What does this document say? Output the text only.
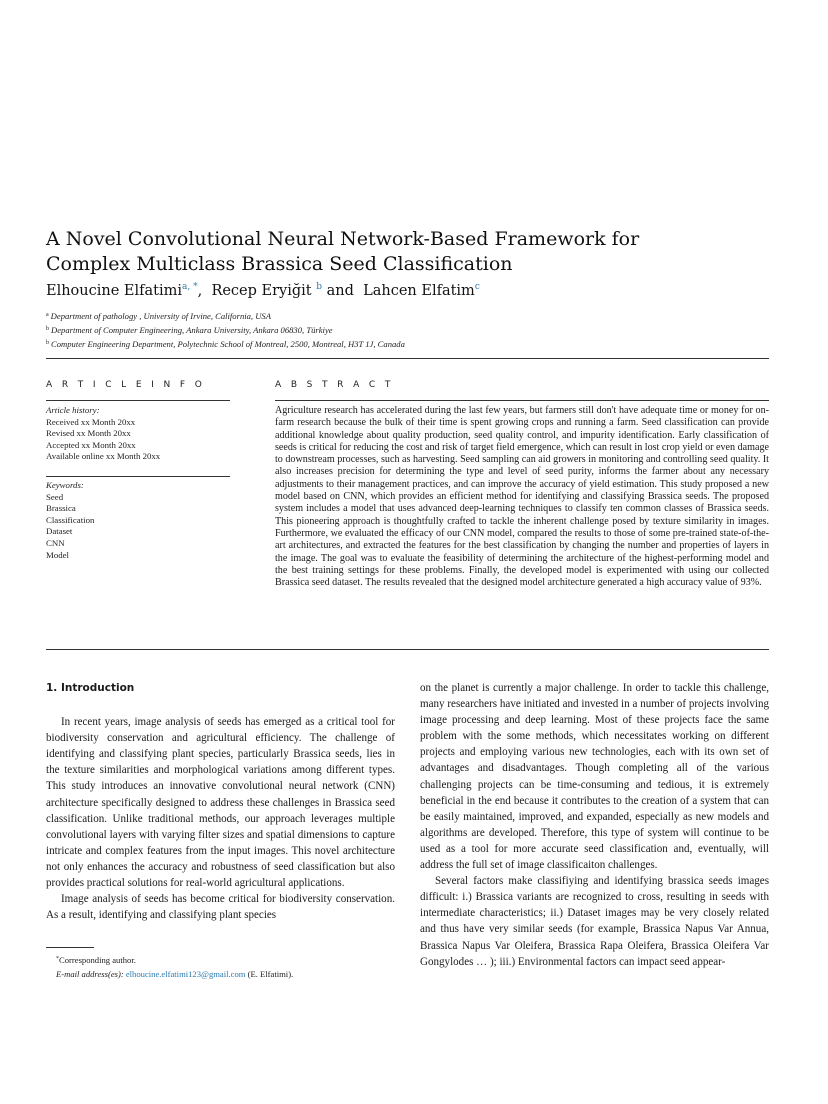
A Novel Convolutional Neural Network-Based Framework for
Complex Multiclass Brassica Seed Classification
Elhoucine Elfatimi$^{a, *}$, Recep Eryiğit $^b$ and Lahcen Elfatim$^c$
$^a$ Department of pathology , University of Irvine, California, USA
$^b$ Department of Computer Engineering, Ankara University, Ankara 06830, Türkiye
$^b$ Computer Engineering Department, Polytechnic School of Montreal, 2500, Montreal, H3T 1J, Canada
A R T I C L E I N F O	A B S T R A C T
Article history:
Received xx Month 20xx
Revised xx Month 20xx
Accepted xx Month 20xx
Available online xx Month 20xx
Keywords:
Seed
Brassica
Classification
Dataset
CNN
Model
Agriculture research has accelerated during the last few years, but farmers still don't have adequate time or money for on-farm research because the bulk of their time is spent growing crops and running a farm. Seed classification can provide additional knowledge about quality production, seed quality control, and impurity identification. Early classification of seeds is critical for reducing the cost and risk of target field emergence, which can result in lost crop yield or even damage to downstream processes, such as harvesting. Seed sampling can aid growers in monitoring and controlling seed quality. It also increases precision for determining the type and level of seed purity, informs the farmer about any necessary adjustments to their management practices, and can improve the accuracy of yield estimation. This study proposed a new model based on CNN, which provides an efficient method for identifying and classifying Brassica seeds. The proposed system includes a model that uses advanced deep-learning techniques to classify ten common classes of Brassica seeds. This pioneering approach is thoughtfully crafted to tackle the inherent challenge posed by texture similarity in images. Furthermore, we evaluated the efficacy of our CNN model, compared the results to those of some pre-trained state-of-the-art architectures, and extracted the features for the best classification by changing the number and properties of layers in the image. The goal was to evaluate the feasibility of determining the architecture of the highest-performing model and the best training settings for these problems. Finally, the developed model is experimented with using our collected Brassica seed dataset. The results revealed that the designed model architecture generated a high accuracy value of 93%.
1. Introduction

In recent years, image analysis of seeds has emerged as a critical tool for biodiversity conservation and agricultural efficiency. The challenge of identifying and classifying plant species, particularly Brassica seeds, lies in the texture similarities and morphological variations among different types. This study introduces an innovative convolutional neural network (CNN) architecture specifically designed to address these challenges in Brassica seed classification. Unlike traditional methods, our approach leverages multiple convolutional layers with varying filter sizes and spatial dimensions to capture intricate and complex features from the input images. This novel architecture not only enhances the accuracy and robustness of seed classification but also provides practical solutions for real-world agricultural applications.

Image analysis of seeds has become critical for biodiversity conservation. As a result, identifying and classifying plant species

on the planet is currently a major challenge. In order to tackle this challenge, many researchers have initiated and invested in a number of projects involving image processing and deep learning. Most of these projects face the same problem with the some methods, which necessitates working on different projects and employing various new technologies, each with its own set of advantages and disadvantages. Though completing all of the various challenging projects can be time-consuming and tedious, it is extremely beneficial in the end because it contributes to the creation of a system that can be easily maintained, improved, and expanded, especially as new models and algorithms are developed. Therefore, this type of system will continue to be used as a tool for more accurate seed classification and, eventually, will address the full set of image classificaiton challenges.

Several factors make classifiying and identifying brassica seeds images difficult: i.) Brassica variants are recognized to cross, resulting in seeds with intermediate characteristics; ii.) Dataset images may be very closely related and thus have very similar seeds (for example, Brassica Napus Var Annua, Brassica Napus Var Oleifera, Brassica Rapa Oleifera, Brassica Oleifera Var Gongylodes … ); iii.) Environmental factors can impact seed appear-

*Corresponding author.
E-mail address(es): elhoucine.elfatimi123@gmail.com (E. Elfatimi).
